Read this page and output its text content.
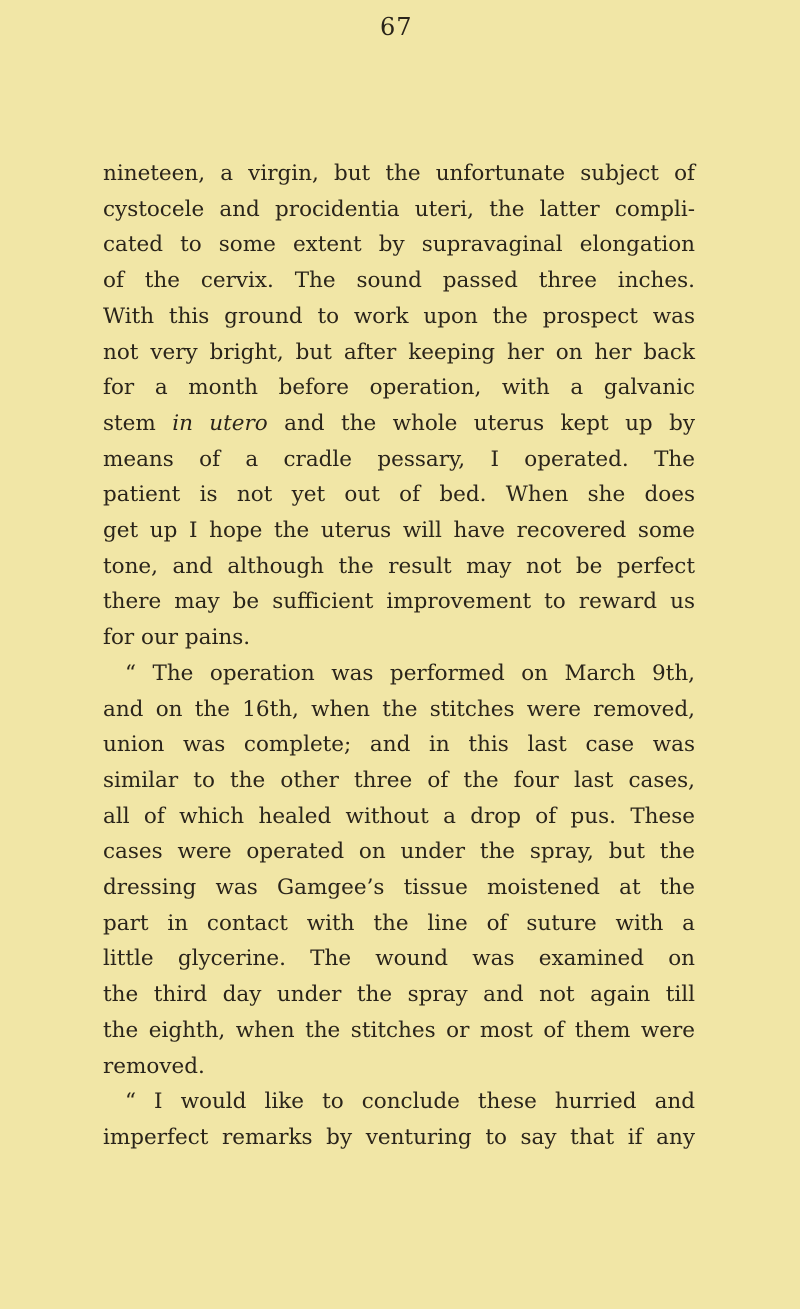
67
nineteen, a virgin, but the unfortunate subject of
cystocele and procidentia uteri, the latter compli-
cated to some extent by supravaginal elongation
of the cervix. The sound passed three inches.
With this ground to work upon the prospect was
not very bright, but after keeping her on her back
for a month before operation, with a galvanic
stem in utero and the whole uterus kept up by
means of a cradle pessary, I operated. The
patient is not yet out of bed. When she does
get up I hope the uterus will have recovered some
tone, and although the result may not be perfect
there may be sufficient improvement to reward us
for our pains.
“ The operation was performed on March 9th,
and on the 16th, when the stitches were removed,
union was complete; and in this last case was
similar to the other three of the four last cases,
all of which healed without a drop of pus. These
cases were operated on under the spray, but the
dressing was Gamgee’s tissue moistened at the
part in contact with the line of suture with a
little glycerine. The wound was examined on
the third day under the spray and not again till
the eighth, when the stitches or most of them were
removed.
“ I would like to conclude these hurried and
imperfect remarks by venturing to say that if any
